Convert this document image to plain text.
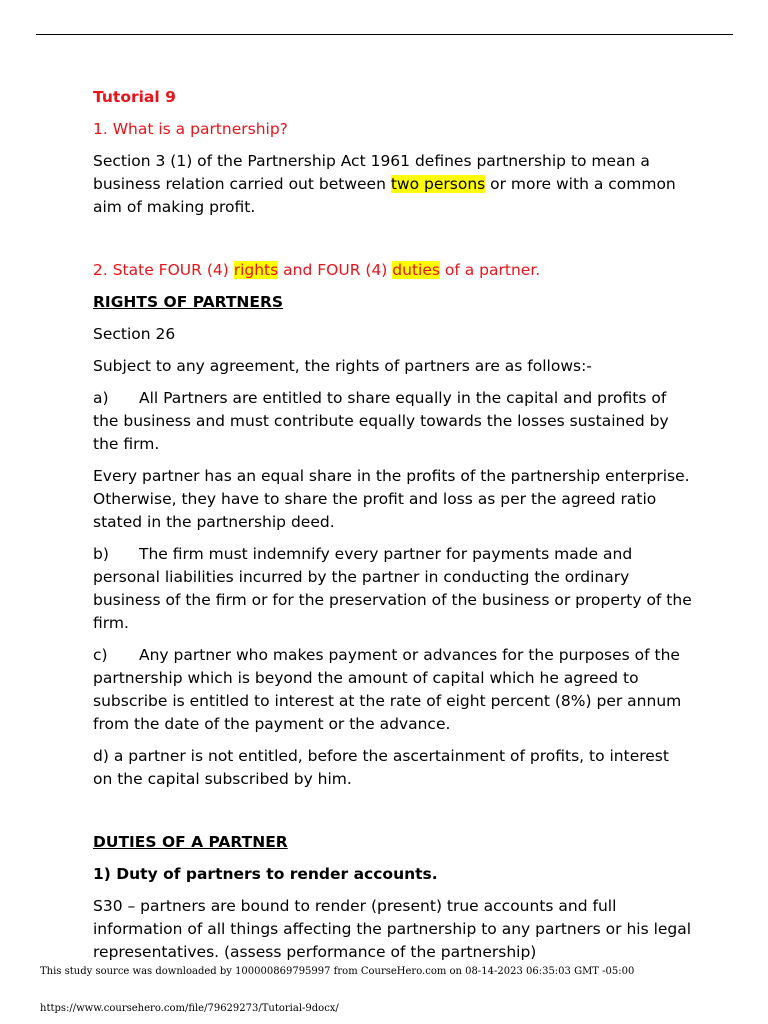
Tutorial 9

1. What is a partnership?

Section 3 (1) of the Partnership Act 1961 defines partnership to mean a business relation carried out between two persons or more with a common aim of making profit.

2. State FOUR (4) rights and FOUR (4) duties of a partner.

RIGHTS OF PARTNERS

Section 26

Subject to any agreement, the rights of partners are as follows:-

a) All Partners are entitled to share equally in the capital and profits of the business and must contribute equally towards the losses sustained by the firm.

Every partner has an equal share in the profits of the partnership enterprise. Otherwise, they have to share the profit and loss as per the agreed ratio stated in the partnership deed.

b) The firm must indemnify every partner for payments made and personal liabilities incurred by the partner in conducting the ordinary business of the firm or for the preservation of the business or property of the firm.

c) Any partner who makes payment or advances for the purposes of the partnership which is beyond the amount of capital which he agreed to subscribe is entitled to interest at the rate of eight percent (8%) per annum from the date of the payment or the advance.

d) a partner is not entitled, before the ascertainment of profits, to interest on the capital subscribed by him.

DUTIES OF A PARTNER

1) Duty of partners to render accounts.

S30 – partners are bound to render (present) true accounts and full information of all things affecting the partnership to any partners or his legal representatives. (assess performance of the partnership)

This study source was downloaded by 100000869795997 from CourseHero.com on 08-14-2023 06:35:03 GMT -05:00
https://www.coursehero.com/file/79629273/Tutorial-9docx/
